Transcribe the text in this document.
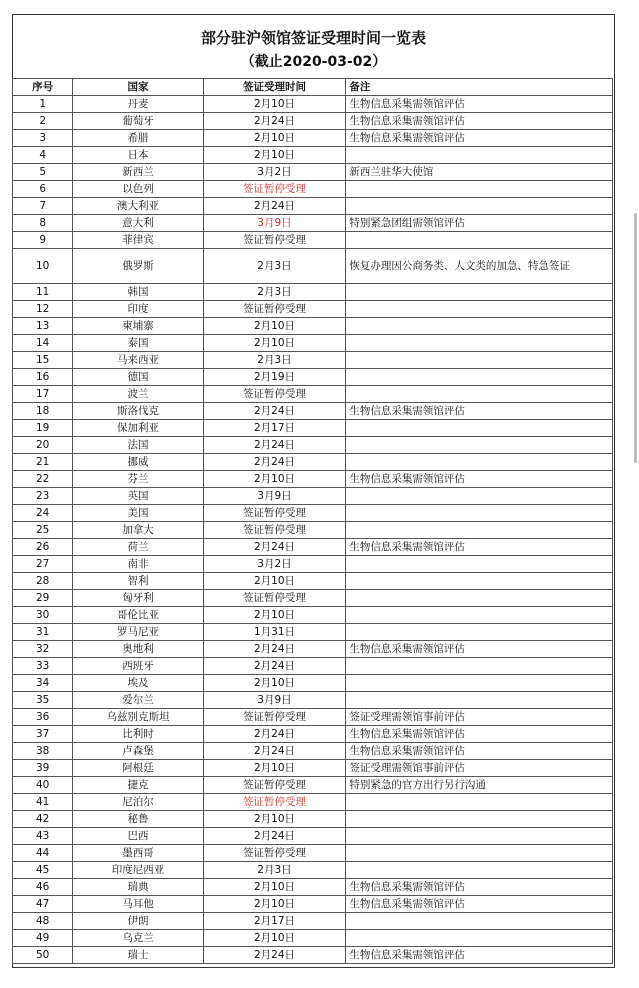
部分驻沪领馆签证受理时间一览表
（截止2020-03-02）
序号	国家	签证受理时间	备注
1	丹麦	2月10日	生物信息采集需领馆评估
2	葡萄牙	2月24日	生物信息采集需领馆评估
3	希腊	2月10日	生物信息采集需领馆评估
4	日本	2月10日	
5	新西兰	3月2日	新西兰驻华大使馆
6	以色列	签证暂停受理	
7	澳大利亚	2月24日	
8	意大利	3月9日	特别紧急团组需领馆评估
9	菲律宾	签证暂停受理	
10	俄罗斯	2月3日	恢复办理因公商务类、人文类的加急、特急签证
11	韩国	2月3日	
12	印度	签证暂停受理	
13	柬埔寨	2月10日	
14	泰国	2月10日	
15	马来西亚	2月3日	
16	德国	2月19日	
17	波兰	签证暂停受理	
18	斯洛伐克	2月24日	生物信息采集需领馆评估
19	保加利亚	2月17日	
20	法国	2月24日	
21	挪威	2月24日	
22	芬兰	2月10日	生物信息采集需领馆评估
23	英国	3月9日	
24	美国	签证暂停受理	
25	加拿大	签证暂停受理	
26	荷兰	2月24日	生物信息采集需领馆评估
27	南非	3月2日	
28	智利	2月10日	
29	匈牙利	签证暂停受理	
30	哥伦比亚	2月10日	
31	罗马尼亚	1月31日	
32	奥地利	2月24日	生物信息采集需领馆评估
33	西班牙	2月24日	
34	埃及	2月10日	
35	爱尔兰	3月9日	
36	乌兹别克斯坦	签证暂停受理	签证受理需领馆事前评估
37	比利时	2月24日	生物信息采集需领馆评估
38	卢森堡	2月24日	生物信息采集需领馆评估
39	阿根廷	2月10日	签证受理需领馆事前评估
40	捷克	签证暂停受理	特别紧急的官方出行另行沟通
41	尼泊尔	签证暂停受理	
42	秘鲁	2月10日	
43	巴西	2月24日	
44	墨西哥	签证暂停受理	
45	印度尼西亚	2月3日	
46	瑞典	2月10日	生物信息采集需领馆评估
47	马耳他	2月10日	生物信息采集需领馆评估
48	伊朗	2月17日	
49	乌克兰	2月10日	
50	瑞士	2月24日	生物信息采集需领馆评估
